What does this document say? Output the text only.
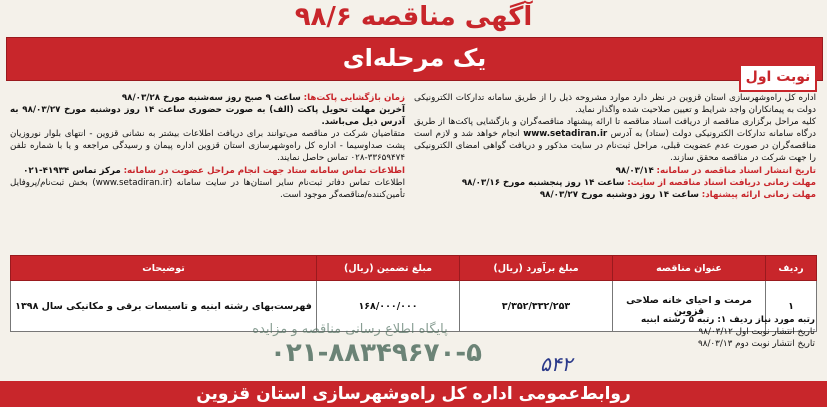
آگهی مناقصه ۹۸/۶
یک مرحله‌ای
نوبت اول

اداره کل راه‌وشهرسازی استان قزوین در نظر دارد موارد مشروحه ذیل را از طریق سامانه تدارکات الکترونیکی دولت به پیمانکاران واجد شرایط و تعیین صلاحیت شده واگذار نماید.

کلیه مراحل برگزاری مناقصه از دریافت اسناد مناقصه تا ارائه پیشنهاد مناقصه‌گران و بازگشایی پاکت‌ها از طریق درگاه سامانه تدارکات الکترونیکی دولت (ستاد) به آدرس www.setadiran.ir انجام خواهد شد و لازم است مناقصه‌گران در صورت عدم عضویت قبلی، مراحل ثبت‌نام در سایت مذکور و دریافت گواهی امضای الکترونیکی را جهت شرکت در مناقصه محقق سازند.

تاریخ انتشار اسناد مناقصه در سامانه: ۹۸/۰۳/۱۴

مهلت زمانی دریافت اسناد مناقصه از سایت: ساعت ۱۴ روز پنجشنبه مورخ ۹۸/۰۳/۱۶

مهلت زمانی ارائه پیشنهاد: ساعت ۱۴ روز دوشنبه مورخ ۹۸/۰۳/۲۷

زمان بازگشایی پاکت‌ها: ساعت ۹ صبح روز سه‌شنبه مورخ ۹۸/۰۳/۲۸

آخرین مهلت تحویل پاکت (الف) به صورت حضوری ساعت ۱۴ روز دوشنبه مورخ ۹۸/۰۳/۲۷ به آدرس ذیل می‌باشد.

متقاضیان شرکت در مناقصه می‌توانند برای دریافت اطلاعات بیشتر به نشانی قزوین - انتهای بلوار نوروزیان پشت صداوسیما - اداره کل راه‌وشهرسازی استان قزوین اداره پیمان و رسیدگی مراجعه و یا با شماره تلفن ۳۳۶۵۹۴۷۴-۰۲۸ تماس حاصل نمایند.

اطلاعات تماس سامانه ستاد جهت انجام مراحل عضویت در سامانه: مرکز تماس ۴۱۹۳۴-۰۲۱

اطلاعات تماس دفاتر ثبت‌نام سایر استان‌ها در سایت سامانه (www.setadiran.ir) بخش ثبت‌نام/پروفایل تأمین‌کننده/مناقصه‌گر موجود است.

ردیف	عنوان مناقصه	مبلغ برآورد (ریال)	مبلغ تضمین (ریال)	توضیحات
۱	مرمت و احیای خانه صلاحی قزوین	۳/۳۵۲/۳۳۲/۲۵۳	۱۶۸/۰۰۰/۰۰۰	فهرست‌بهای رشته ابنیه و تاسیسات برقی و مکانیکی سال ۱۳۹۸

رتبه مورد نیاز ردیف ۱: رتبه ۵ رشته ابنیه

تاریخ انتشار نوبت اول ۹۸/۰۳/۱۲

تاریخ انتشار نوبت دوم ۹۸/۰۳/۱۳

پایگاه اطلاع رسانی مناقصه و مزایده
۰۲۱-۸۸۳۴۹۶۷۰-۵	۵۴۲
روابط‌عمومی اداره کل راه‌وشهرسازی استان قزوین
